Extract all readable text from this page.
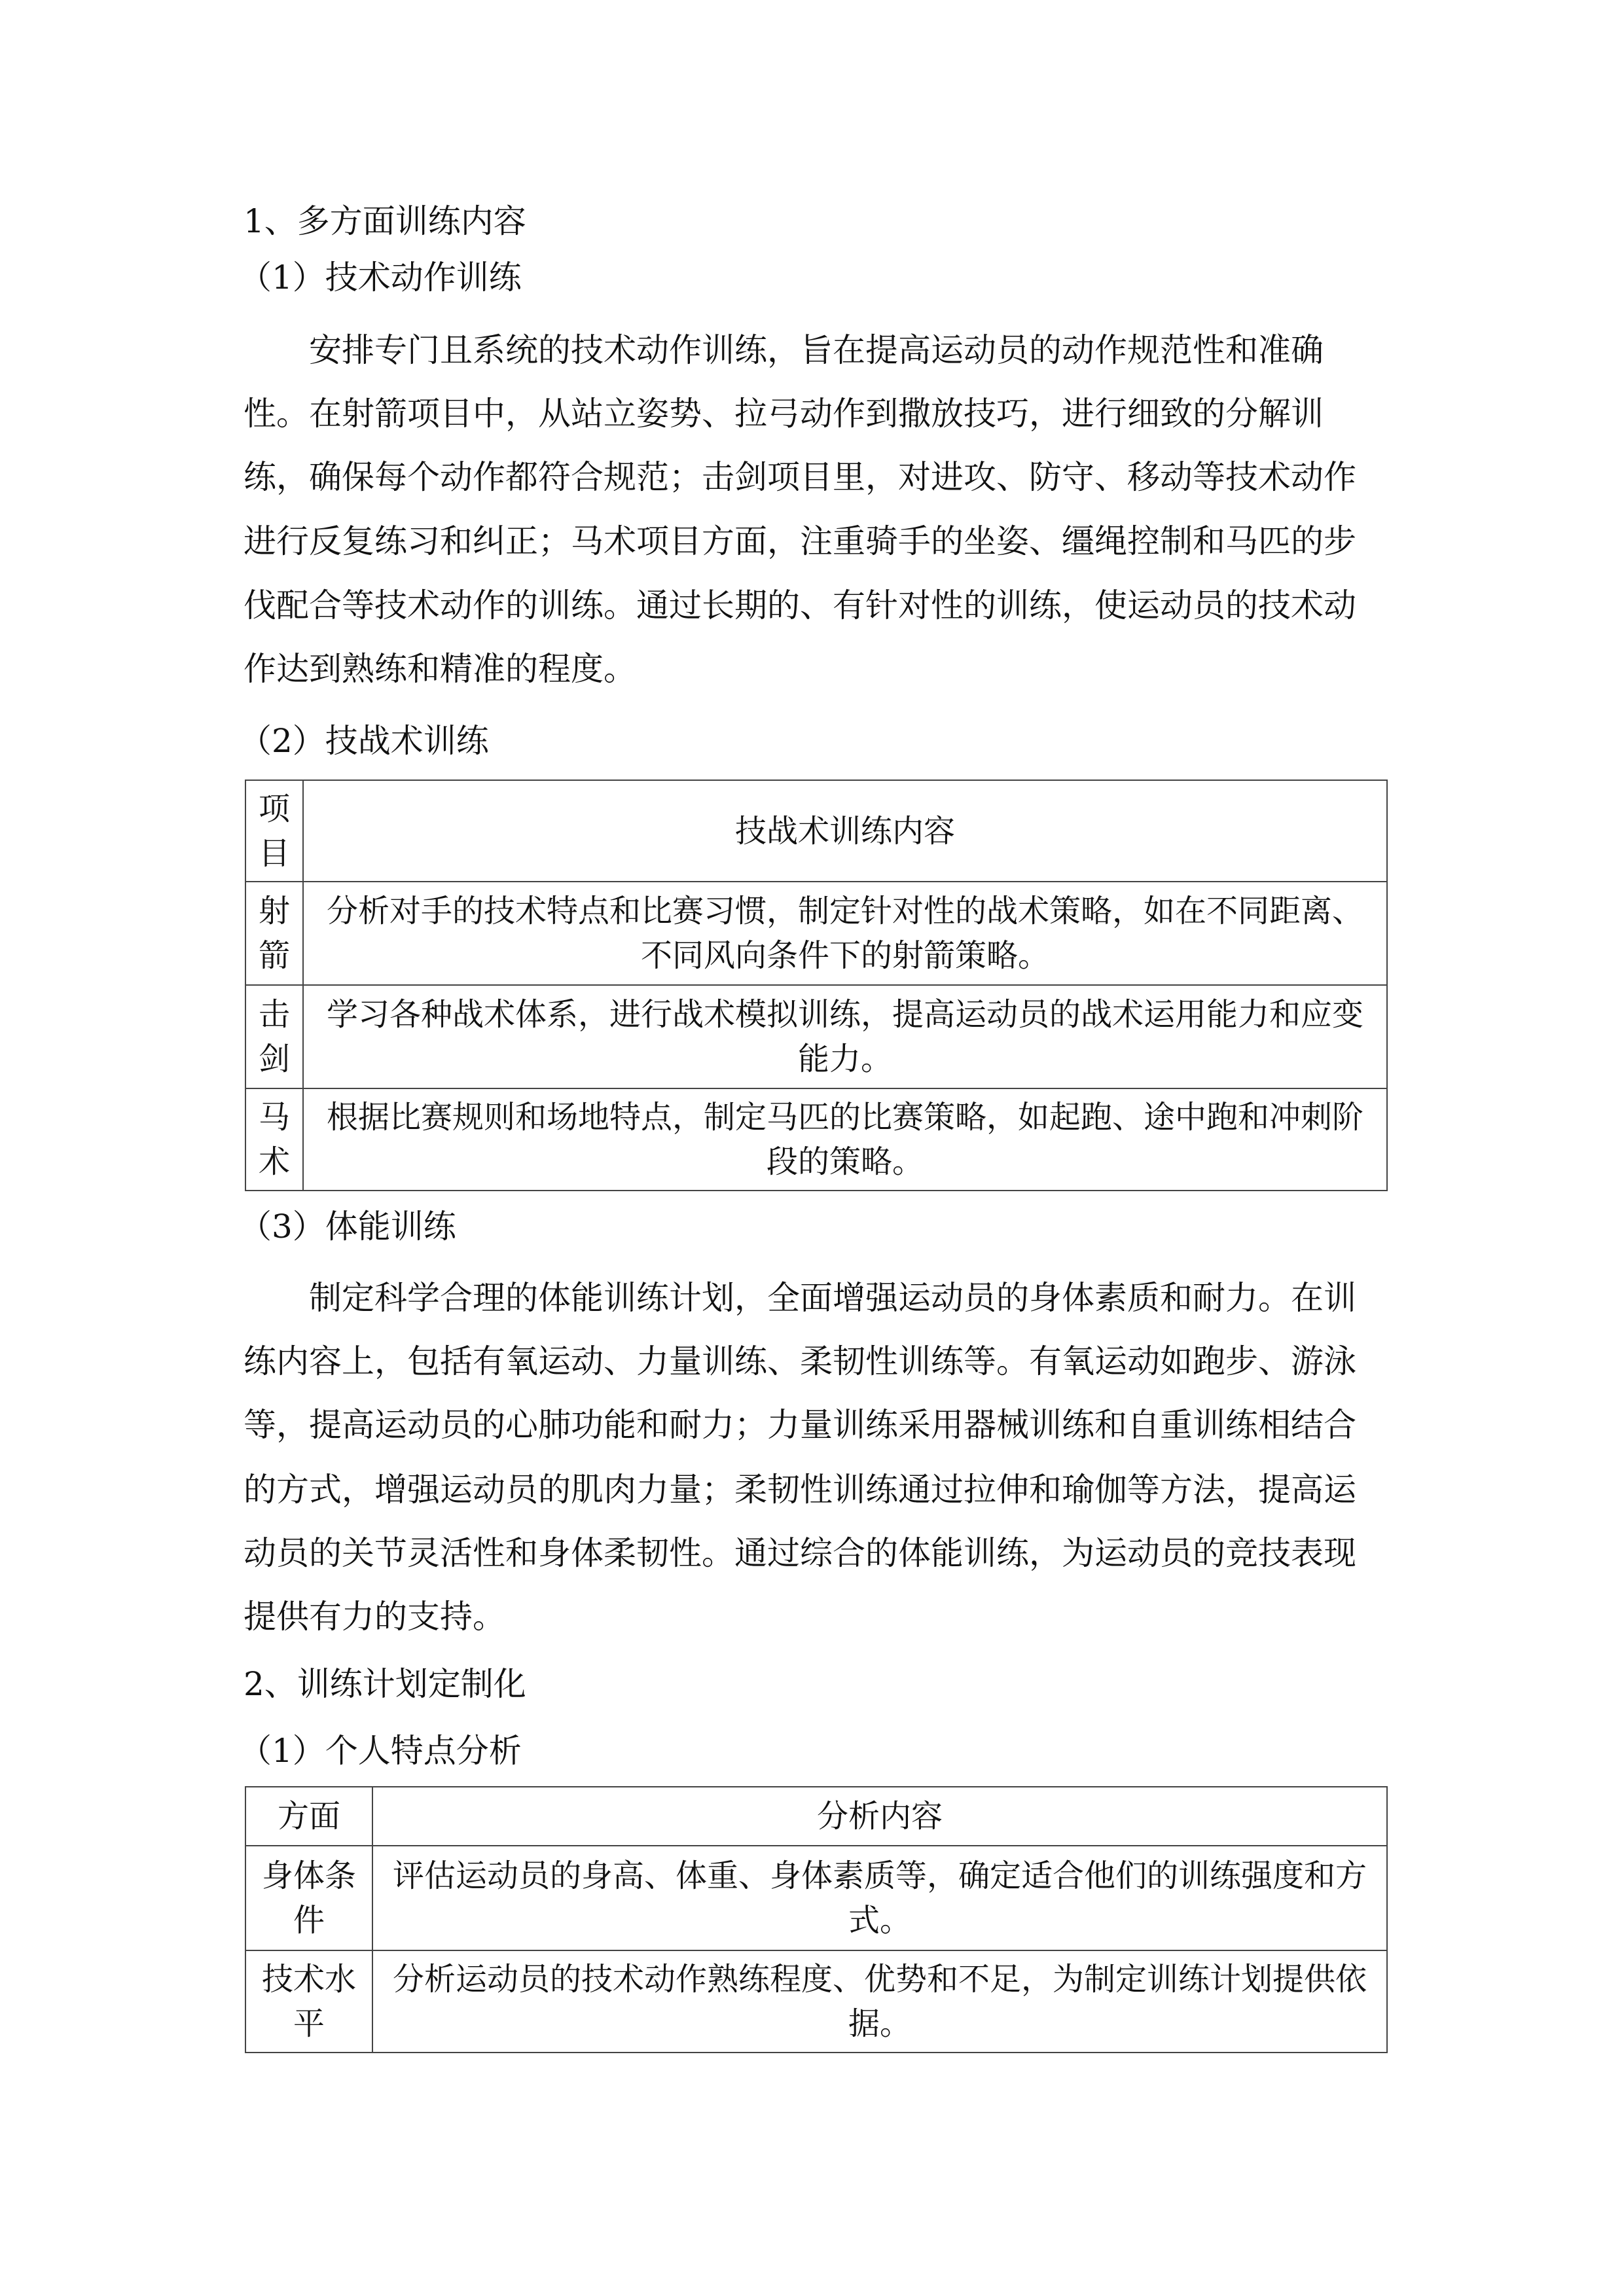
1、多方面训练内容
（1）技术动作训练
安排专门且系统的技术动作训练，旨在提高运动员的动作规范性和准确
性。在射箭项目中，从站立姿势、拉弓动作到撒放技巧，进行细致的分解训
练，确保每个动作都符合规范；击剑项目里，对进攻、防守、移动等技术动作
进行反复练习和纠正；马术项目方面，注重骑手的坐姿、缰绳控制和马匹的步
伐配合等技术动作的训练。通过长期的、有针对性的训练，使运动员的技术动
作达到熟练和精准的程度。
（2）技战术训练
项目	技战术训练内容
射箭	分析对手的技术特点和比赛习惯，制定针对性的战术策略，如在不同距离、不同风向条件下的射箭策略。
击剑	学习各种战术体系，进行战术模拟训练，提高运动员的战术运用能力和应变能力。
马术	根据比赛规则和场地特点，制定马匹的比赛策略，如起跑、途中跑和冲刺阶段的策略。
（3）体能训练
制定科学合理的体能训练计划，全面增强运动员的身体素质和耐力。在训
练内容上，包括有氧运动、力量训练、柔韧性训练等。有氧运动如跑步、游泳
等，提高运动员的心肺功能和耐力；力量训练采用器械训练和自重训练相结合
的方式，增强运动员的肌肉力量；柔韧性训练通过拉伸和瑜伽等方法，提高运
动员的关节灵活性和身体柔韧性。通过综合的体能训练，为运动员的竞技表现
提供有力的支持。
2、训练计划定制化
（1）个人特点分析
方面	分析内容
身体条件	评估运动员的身高、体重、身体素质等，确定适合他们的训练强度和方式。
技术水平	分析运动员的技术动作熟练程度、优势和不足，为制定训练计划提供依据。
